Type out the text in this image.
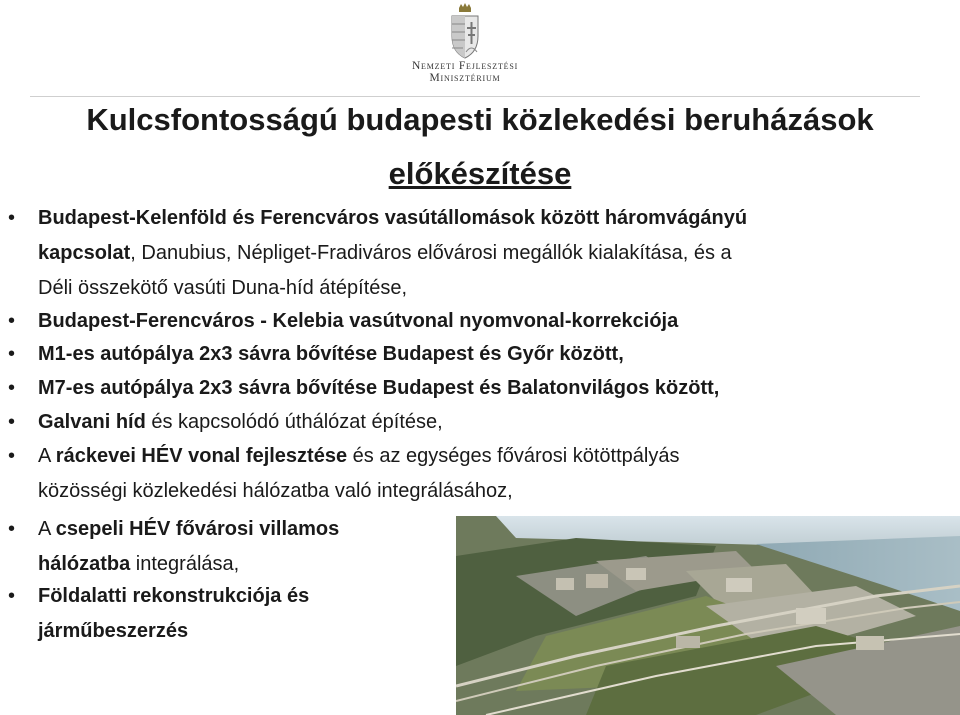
Nemzeti Fejlesztési
Minisztérium
Kulcsfontosságú budapesti közlekedési beruházások
előkészítése
• Budapest-Kelenföld és Ferencváros vasútállomások között háromvágányú
kapcsolat, Danubius, Népliget-Fradiváros elővárosi megállók kialakítása, és a
Déli összekötő vasúti Duna-híd átépítése,
• Budapest-Ferencváros - Kelebia vasútvonal nyomvonal-korrekciója
• M1-es autópálya 2x3 sávra bővítése Budapest és Győr között,
• M7-es autópálya 2x3 sávra bővítése Budapest és Balatonvilágos között,
• Galvani híd és kapcsolódó úthálózat építése,
• A ráckevei HÉV vonal fejlesztése és az egységes fővárosi kötöttpályás
közösségi közlekedési hálózatba való integrálásához,
• A csepeli HÉV fővárosi villamos
hálózatba integrálása,
• Földalatti rekonstrukciója és
járműbeszerzés
